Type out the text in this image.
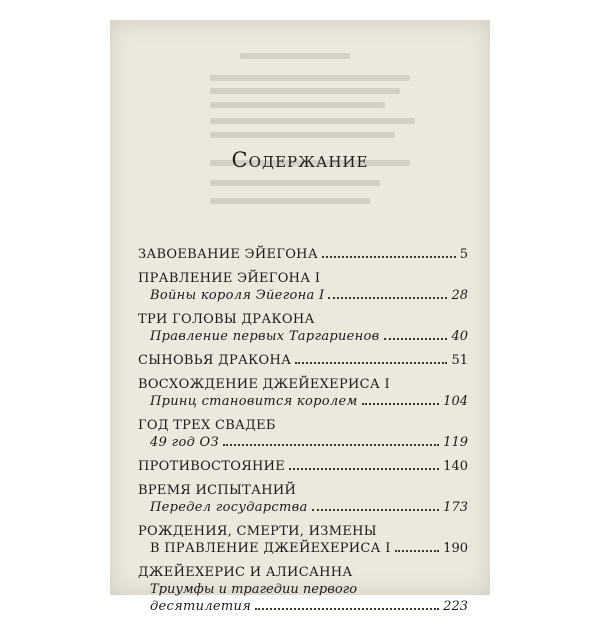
Содержание
ЗАВОЕВАНИЕ ЭЙЕГОНА	5
ПРАВЛЕНИЕ ЭЙЕГОНА I
Войны короля Эйегона I	28
ТРИ ГОЛОВЫ ДРАКОНА
Правление первых Таргариенов	40
СЫНОВЬЯ ДРАКОНА	51
ВОСХОЖДЕНИЕ ДЖЕЙЕХЕРИСА I
Принц становится королем	104
ГОД ТРЕХ СВАДЕБ
49 год ОЗ	119
ПРОТИВОСТОЯНИЕ	140
ВРЕМЯ ИСПЫТАНИЙ
Передел государства	173
РОЖДЕНИЯ, СМЕРТИ, ИЗМЕНЫ
В ПРАВЛЕНИЕ ДЖЕЙЕХЕРИСА I	190
ДЖЕЙЕХЕРИС И АЛИСАННА
Триумфы и трагедии первого
десятилетия	223
